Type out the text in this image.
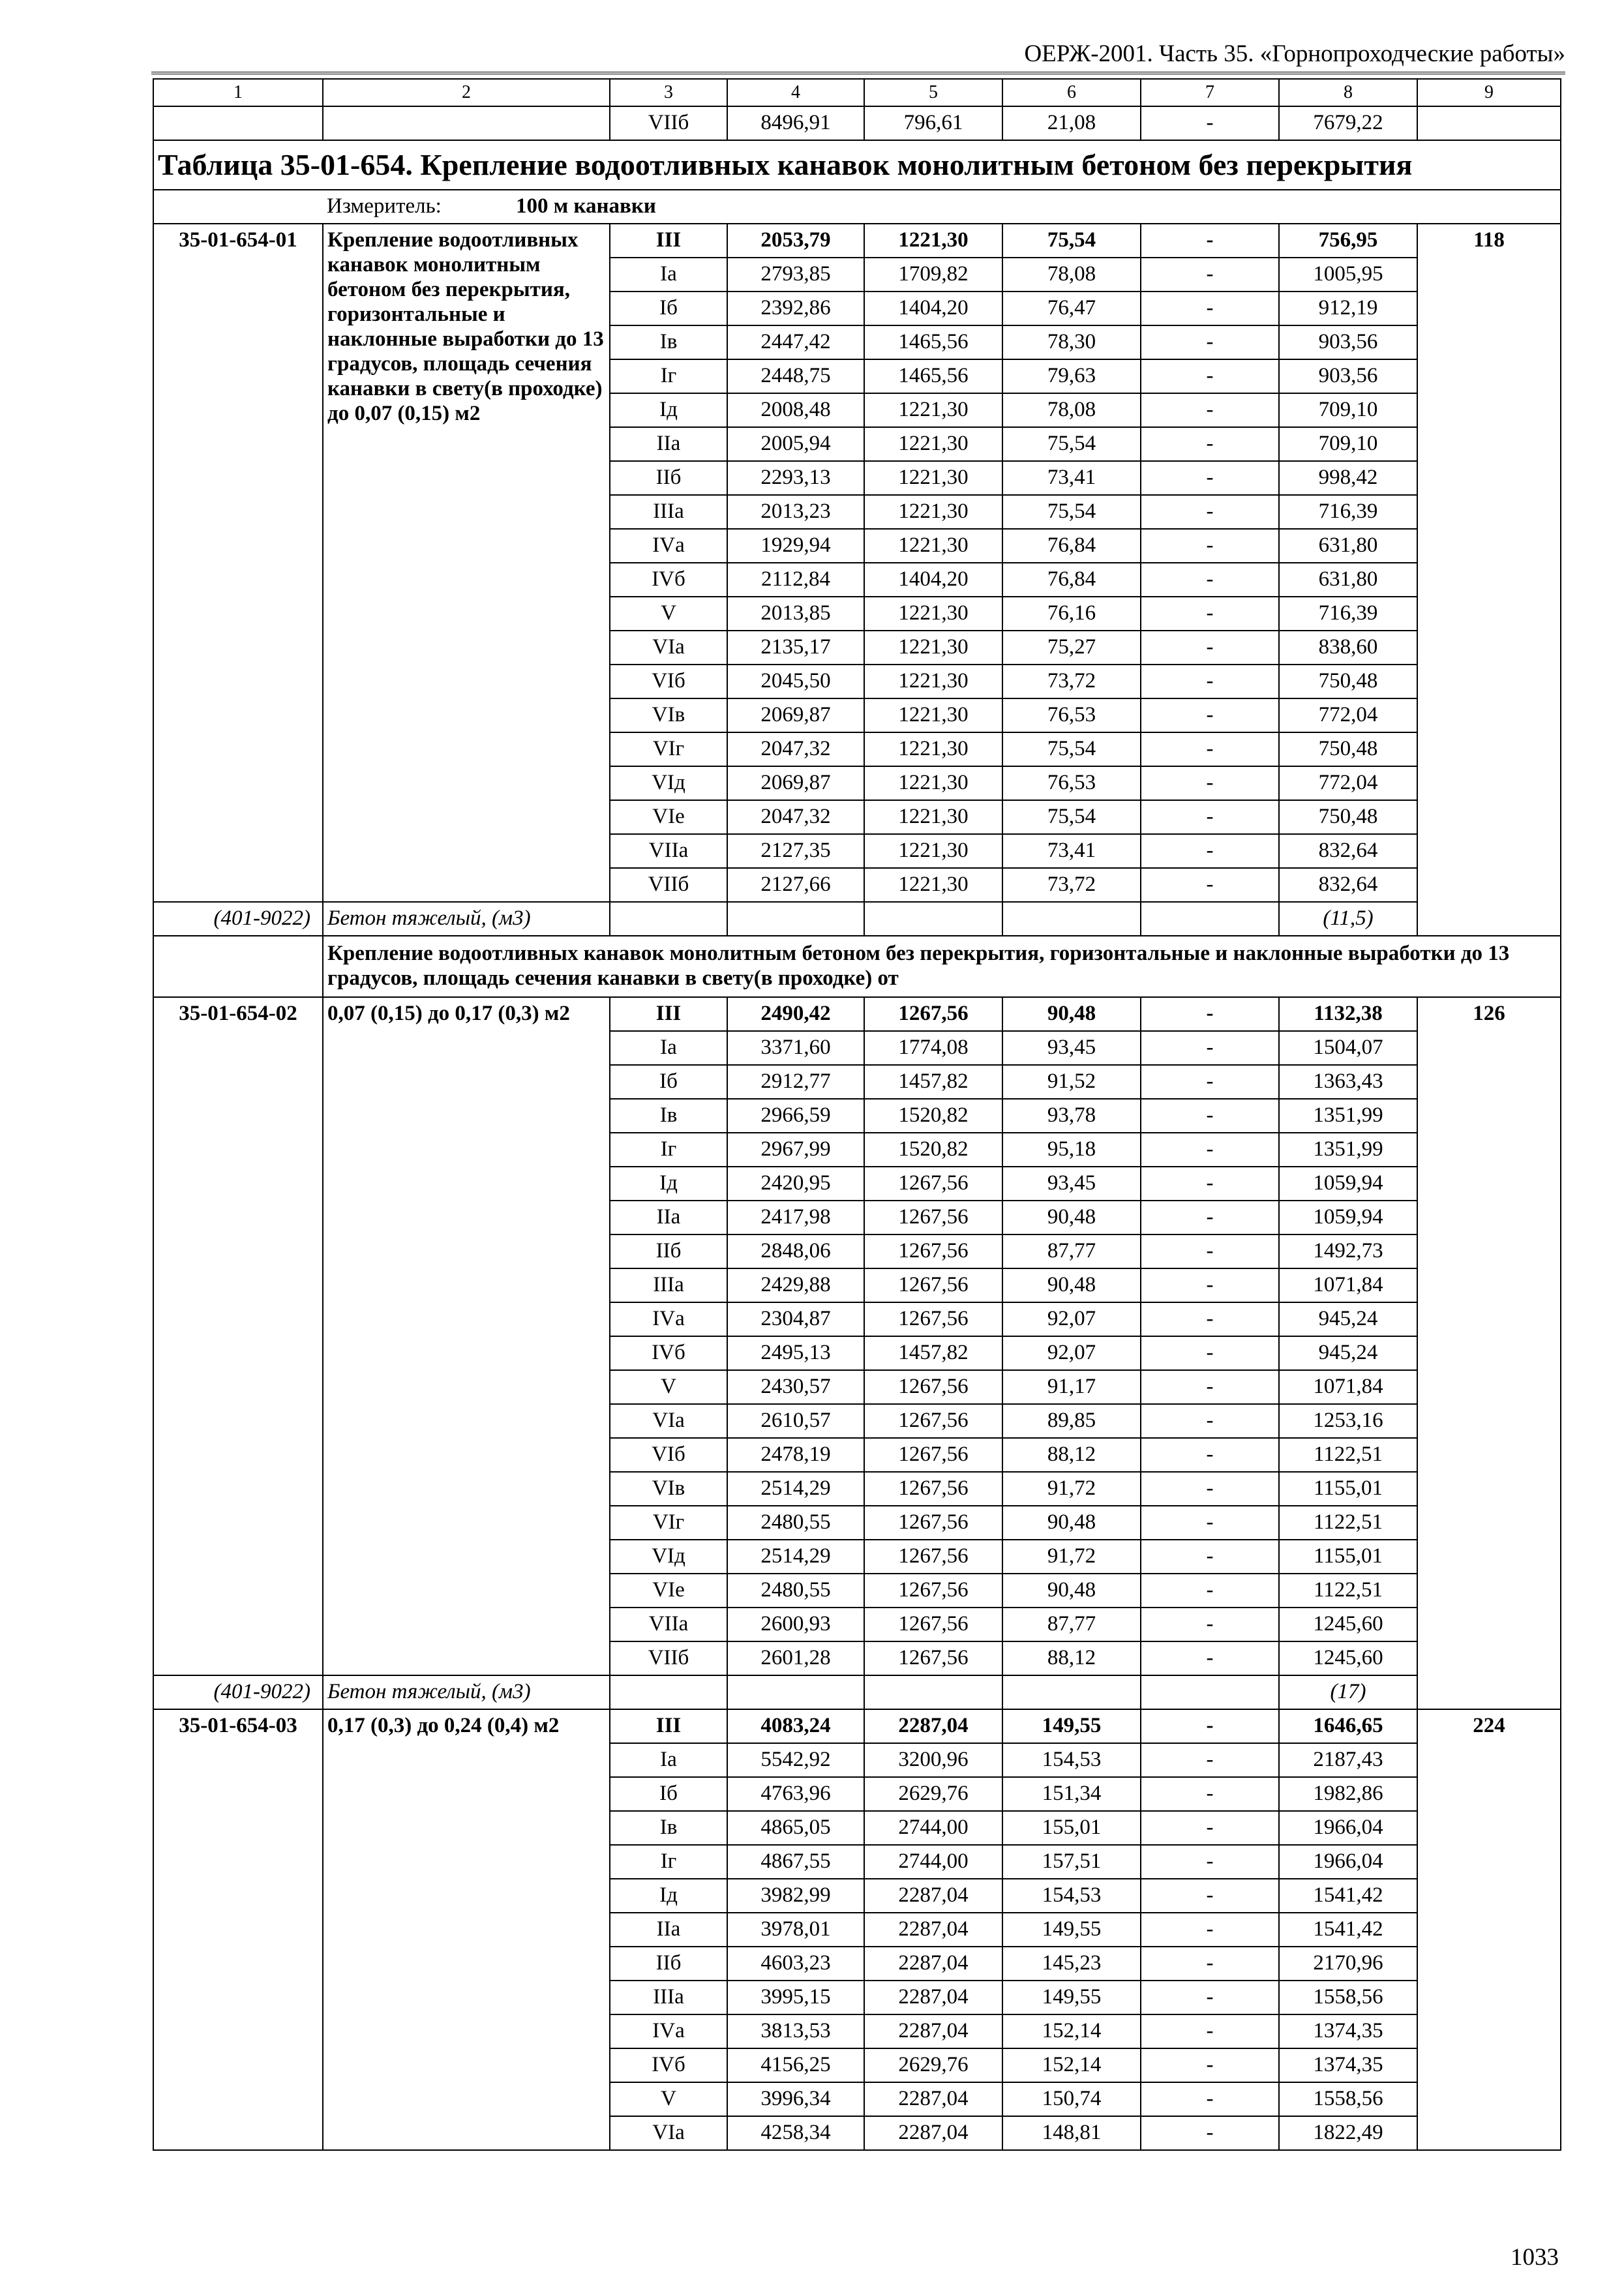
ОЕРЖ-2001. Часть 35. «Горнопроходческие работы»
1	2	3	4	5	6	7	8	9
		VIIб	8496,91	796,61	21,08	-	7679,22	
Таблица 35-01-654. Крепление водоотливных канавок монолитным бетоном без перекрытия								
	Измеритель: 100 м канавки							
35-01-654-01	Крепление водоотливных канавок монолитным бетоном без перекрытия, горизонтальные и наклонные выработки до 13 градусов, площадь сечения канавки в свету(в проходке) до 0,07 (0,15) м2	III	2053,79	1221,30	75,54	-	756,95	118
		Iа	2793,85	1709,82	78,08	-	1005,95	
		Iб	2392,86	1404,20	76,47	-	912,19	
		Iв	2447,42	1465,56	78,30	-	903,56	
		Iг	2448,75	1465,56	79,63	-	903,56	
		Iд	2008,48	1221,30	78,08	-	709,10	
		IIа	2005,94	1221,30	75,54	-	709,10	
		IIб	2293,13	1221,30	73,41	-	998,42	
		IIIа	2013,23	1221,30	75,54	-	716,39	
		IVа	1929,94	1221,30	76,84	-	631,80	
		IVб	2112,84	1404,20	76,84	-	631,80	
		V	2013,85	1221,30	76,16	-	716,39	
		VIа	2135,17	1221,30	75,27	-	838,60	
		VIб	2045,50	1221,30	73,72	-	750,48	
		VIв	2069,87	1221,30	76,53	-	772,04	
		VIг	2047,32	1221,30	75,54	-	750,48	
		VIд	2069,87	1221,30	76,53	-	772,04	
		VIе	2047,32	1221,30	75,54	-	750,48	
		VIIа	2127,35	1221,30	73,41	-	832,64	
		VIIб	2127,66	1221,30	73,72	-	832,64	
(401-9022)	Бетон тяжелый, (м3)						(11,5)	
	Крепление водоотливных канавок монолитным бетоном без перекрытия, горизонтальные и наклонные выработки до 13 градусов, площадь сечения канавки в свету(в проходке) от							
35-01-654-02	0,07 (0,15) до 0,17 (0,3) м2	III	2490,42	1267,56	90,48	-	1132,38	126
		Iа	3371,60	1774,08	93,45	-	1504,07	
		Iб	2912,77	1457,82	91,52	-	1363,43	
		Iв	2966,59	1520,82	93,78	-	1351,99	
		Iг	2967,99	1520,82	95,18	-	1351,99	
		Iд	2420,95	1267,56	93,45	-	1059,94	
		IIа	2417,98	1267,56	90,48	-	1059,94	
		IIб	2848,06	1267,56	87,77	-	1492,73	
		IIIа	2429,88	1267,56	90,48	-	1071,84	
		IVа	2304,87	1267,56	92,07	-	945,24	
		IVб	2495,13	1457,82	92,07	-	945,24	
		V	2430,57	1267,56	91,17	-	1071,84	
		VIа	2610,57	1267,56	89,85	-	1253,16	
		VIб	2478,19	1267,56	88,12	-	1122,51	
		VIв	2514,29	1267,56	91,72	-	1155,01	
		VIг	2480,55	1267,56	90,48	-	1122,51	
		VIд	2514,29	1267,56	91,72	-	1155,01	
		VIе	2480,55	1267,56	90,48	-	1122,51	
		VIIа	2600,93	1267,56	87,77	-	1245,60	
		VIIб	2601,28	1267,56	88,12	-	1245,60	
(401-9022)	Бетон тяжелый, (м3)						(17)	
35-01-654-03	0,17 (0,3) до 0,24 (0,4) м2	III	4083,24	2287,04	149,55	-	1646,65	224
		Iа	5542,92	3200,96	154,53	-	2187,43	
		Iб	4763,96	2629,76	151,34	-	1982,86	
		Iв	4865,05	2744,00	155,01	-	1966,04	
		Iг	4867,55	2744,00	157,51	-	1966,04	
		Iд	3982,99	2287,04	154,53	-	1541,42	
		IIа	3978,01	2287,04	149,55	-	1541,42	
		IIб	4603,23	2287,04	145,23	-	2170,96	
		IIIа	3995,15	2287,04	149,55	-	1558,56	
		IVа	3813,53	2287,04	152,14	-	1374,35	
		IVб	4156,25	2629,76	152,14	-	1374,35	
		V	3996,34	2287,04	150,74	-	1558,56	
		VIа	4258,34	2287,04	148,81	-	1822,49	
1033
